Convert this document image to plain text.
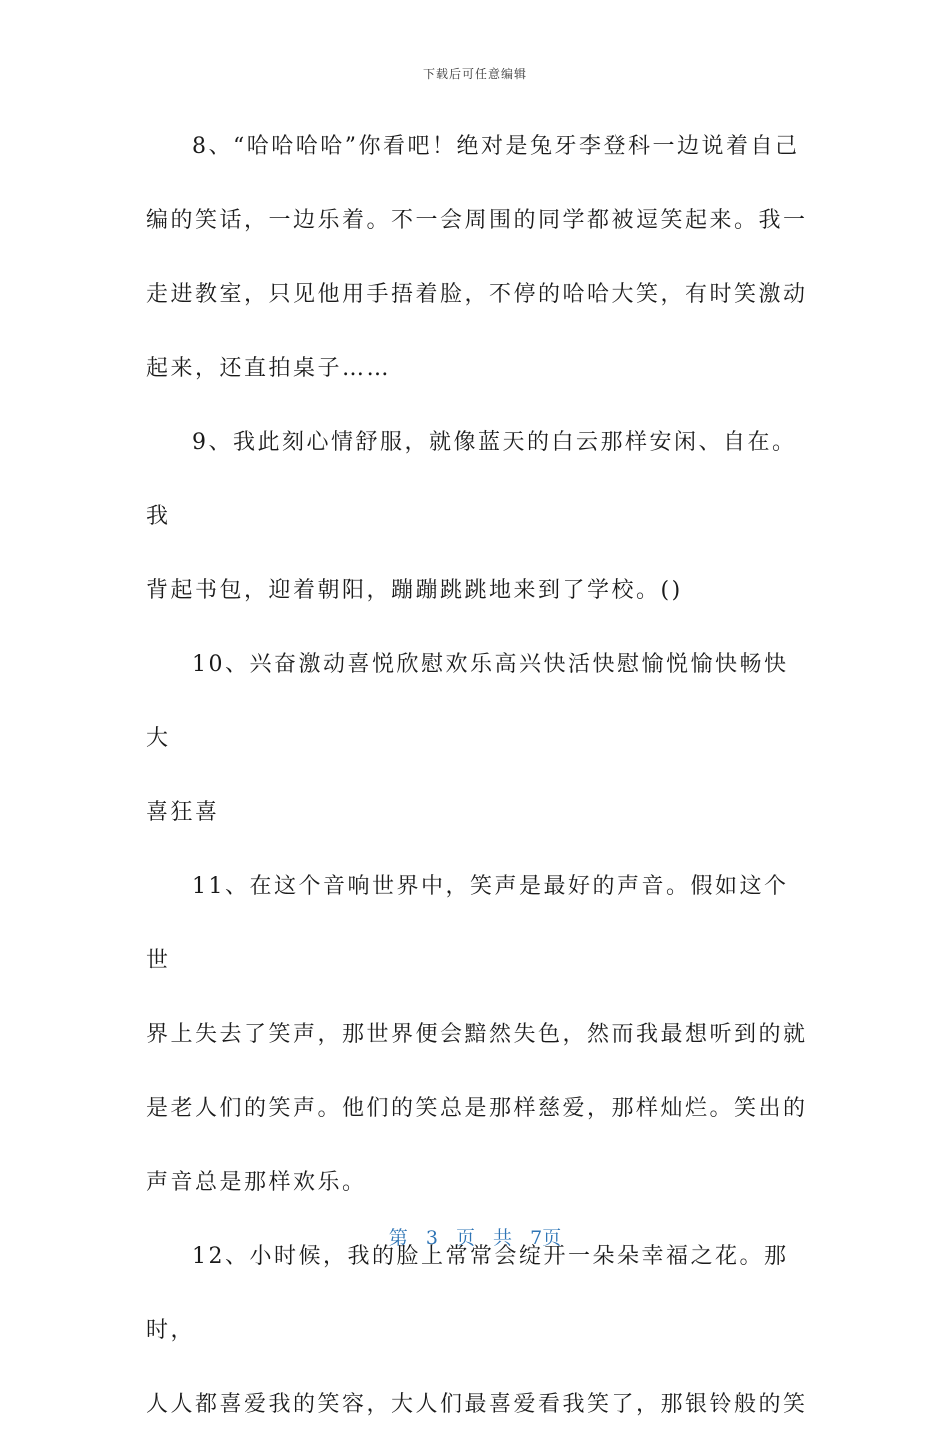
下载后可任意编辑

8、“哈哈哈哈”你看吧！绝对是兔牙李登科一边说着自己
编的笑话，一边乐着。不一会周围的同学都被逗笑起来。我一
走进教室，只见他用手捂着脸，不停的哈哈大笑，有时笑激动
起来，还直拍桌子……

9、我此刻心情舒服，就像蓝天的白云那样安闲、自在。我
背起书包，迎着朝阳，蹦蹦跳跳地来到了学校。()

10、兴奋激动喜悦欣慰欢乐高兴快活快慰愉悦愉快畅快大
喜狂喜

11、在这个音响世界中，笑声是最好的声音。假如这个世
界上失去了笑声，那世界便会黯然失色，然而我最想听到的就
是老人们的笑声。他们的笑总是那样慈爱，那样灿烂。笑出的
声音总是那样欢乐。

12、小时候，我的脸上常常会绽开一朵朵幸福之花。那时，
人人都喜爱我的笑容，大人们最喜爱看我笑了，那银铃般的笑

第 3 页 共 7页
